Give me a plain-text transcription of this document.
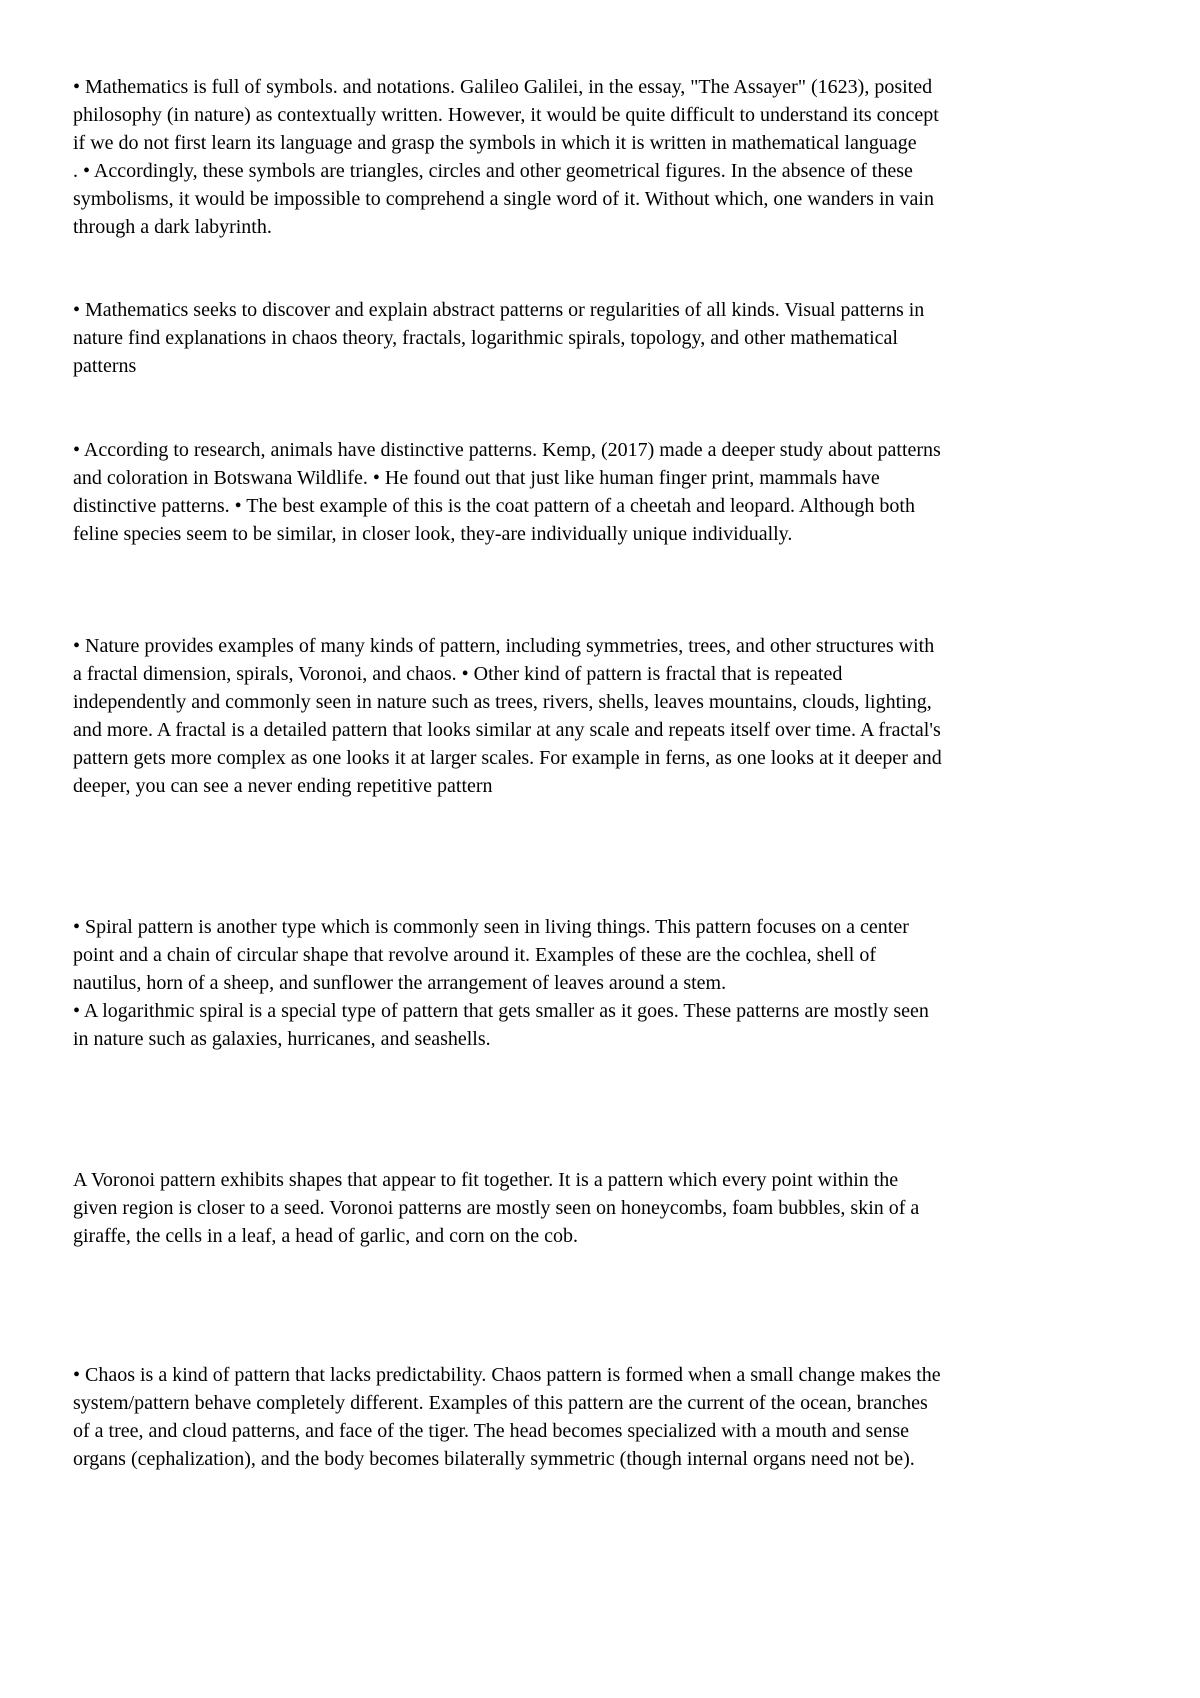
• Mathematics is full of symbols. and notations. Galileo Galilei, in the essay, "The Assayer" (1623), posited
philosophy (in nature) as contextually written. However, it would be quite difficult to understand its concept
if we do not first learn its language and grasp the symbols in which it is written in mathematical language
. • Accordingly, these symbols are triangles, circles and other geometrical figures. In the absence of these
symbolisms, it would be impossible to comprehend a single word of it. Without which, one wanders in vain
through a dark labyrinth.

• Mathematics seeks to discover and explain abstract patterns or regularities of all kinds. Visual patterns in
nature find explanations in chaos theory, fractals, logarithmic spirals, topology, and other mathematical
patterns

• According to research, animals have distinctive patterns. Kemp, (2017) made a deeper study about patterns
and coloration in Botswana Wildlife. • He found out that just like human finger print, mammals have
distinctive patterns. • The best example of this is the coat pattern of a cheetah and leopard. Although both
feline species seem to be similar, in closer look, they-are individually unique individually.

• Nature provides examples of many kinds of pattern, including symmetries, trees, and other structures with
a fractal dimension, spirals, Voronoi, and chaos. • Other kind of pattern is fractal that is repeated
independently and commonly seen in nature such as trees, rivers, shells, leaves mountains, clouds, lighting,
and more. A fractal is a detailed pattern that looks similar at any scale and repeats itself over time. A fractal's
pattern gets more complex as one looks it at larger scales. For example in ferns, as one looks at it deeper and
deeper, you can see a never ending repetitive pattern

• Spiral pattern is another type which is commonly seen in living things. This pattern focuses on a center
point and a chain of circular shape that revolve around it. Examples of these are the cochlea, shell of
nautilus, horn of a sheep, and sunflower the arrangement of leaves around a stem.
• A logarithmic spiral is a special type of pattern that gets smaller as it goes. These patterns are mostly seen
in nature such as galaxies, hurricanes, and seashells.

A Voronoi pattern exhibits shapes that appear to fit together. It is a pattern which every point within the
given region is closer to a seed. Voronoi patterns are mostly seen on honeycombs, foam bubbles, skin of a
giraffe, the cells in a leaf, a head of garlic, and corn on the cob.

• Chaos is a kind of pattern that lacks predictability. Chaos pattern is formed when a small change makes the
system/pattern behave completely different. Examples of this pattern are the current of the ocean, branches
of a tree, and cloud patterns, and face of the tiger. The head becomes specialized with a mouth and sense
organs (cephalization), and the body becomes bilaterally symmetric (though internal organs need not be).
